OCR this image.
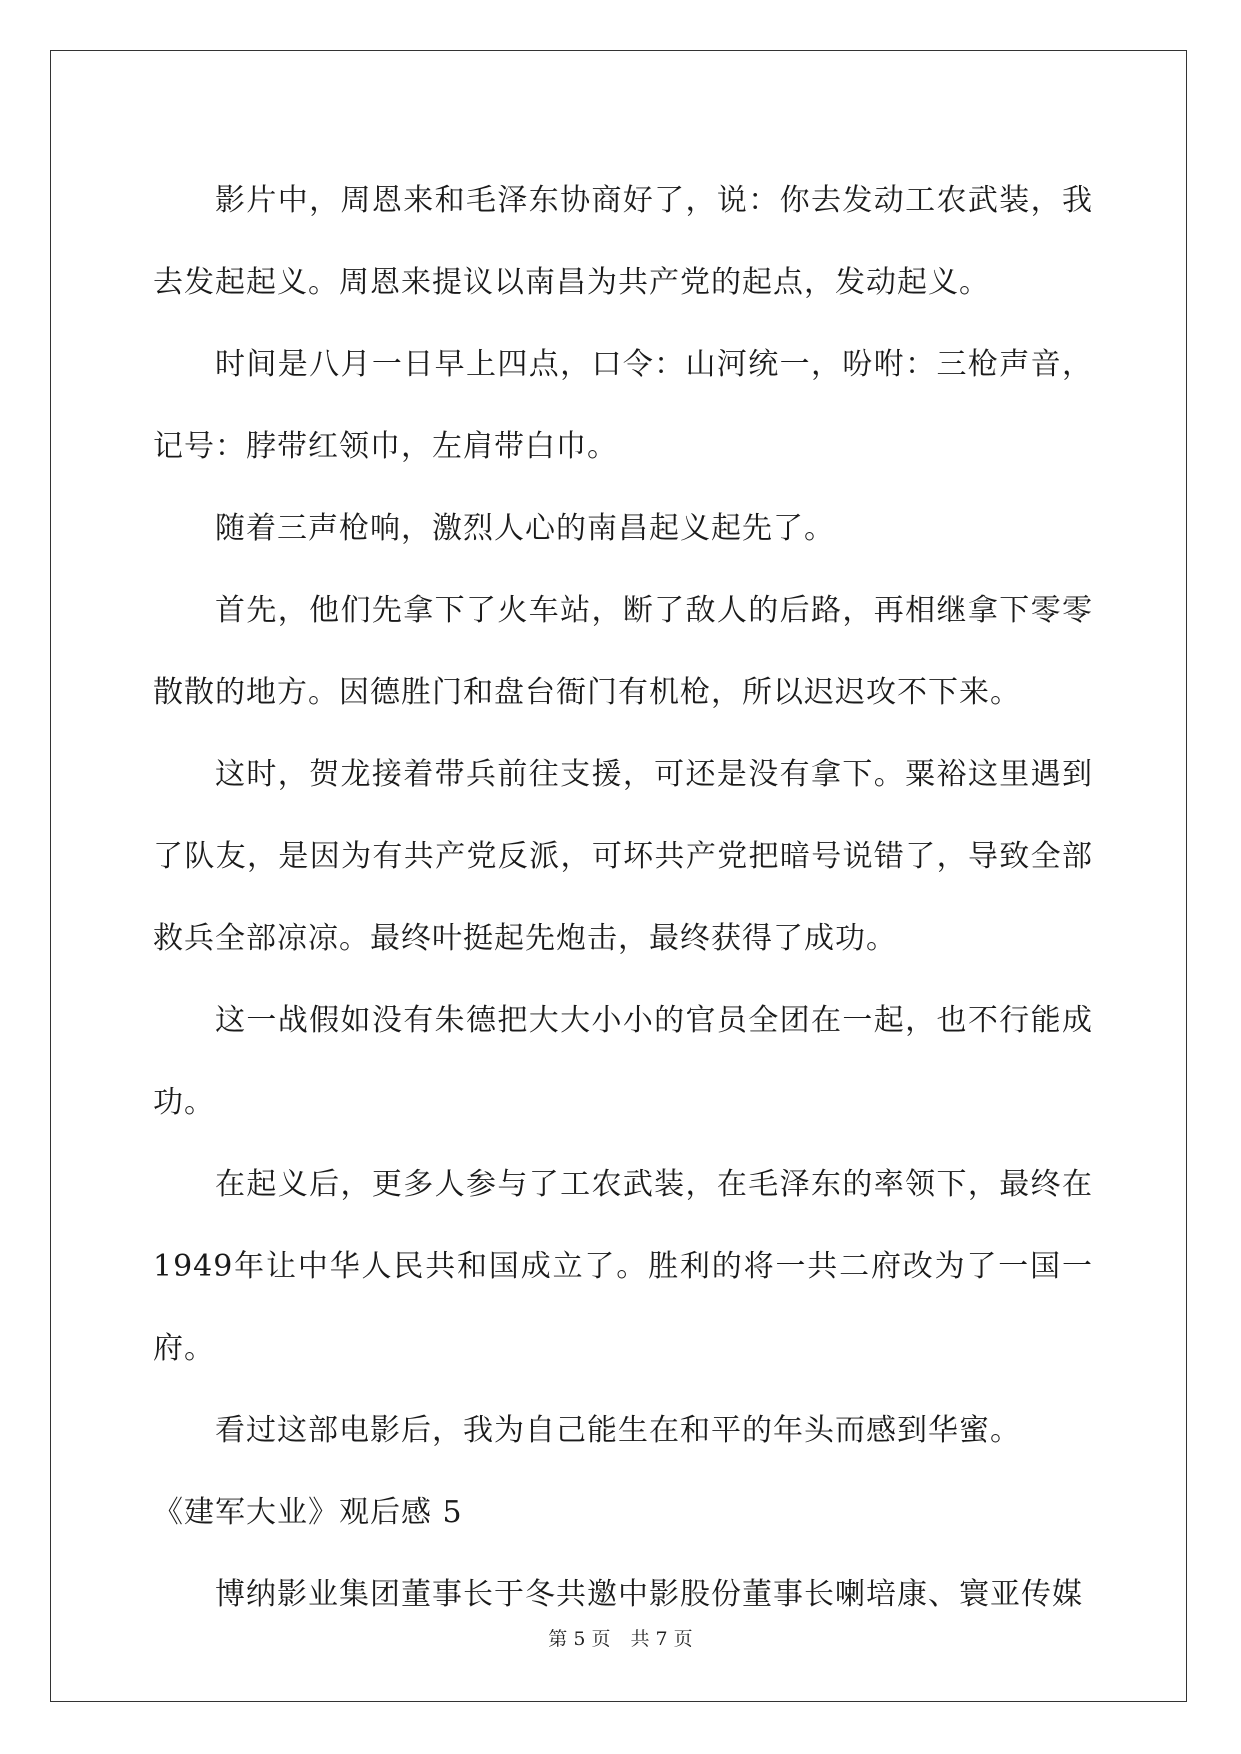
影片中，周恩来和毛泽东协商好了，说：你去发动工农武装，我去发起起义。周恩来提议以南昌为共产党的起点，发动起义。

时间是八月一日早上四点，口令：山河统一，吩咐：三枪声音，记号：脖带红领巾，左肩带白巾。

随着三声枪响，激烈人心的南昌起义起先了。

首先，他们先拿下了火车站，断了敌人的后路，再相继拿下零零散散的地方。因德胜门和盘台衙门有机枪，所以迟迟攻不下来。

这时，贺龙接着带兵前往支援，可还是没有拿下。粟裕这里遇到了队友，是因为有共产党反派，可坏共产党把暗号说错了，导致全部救兵全部凉凉。最终叶挺起先炮击，最终获得了成功。

这一战假如没有朱德把大大小小的官员全团在一起，也不行能成功。

在起义后，更多人参与了工农武装，在毛泽东的率领下，最终在1949年让中华人民共和国成立了。胜利的将一共二府改为了一国一府。

看过这部电影后，我为自己能生在和平的年头而感到华蜜。

《建军大业》观后感 5

博纳影业集团董事长于冬共邀中影股份董事长喇培康、寰亚传媒

第 5 页 共 7 页
